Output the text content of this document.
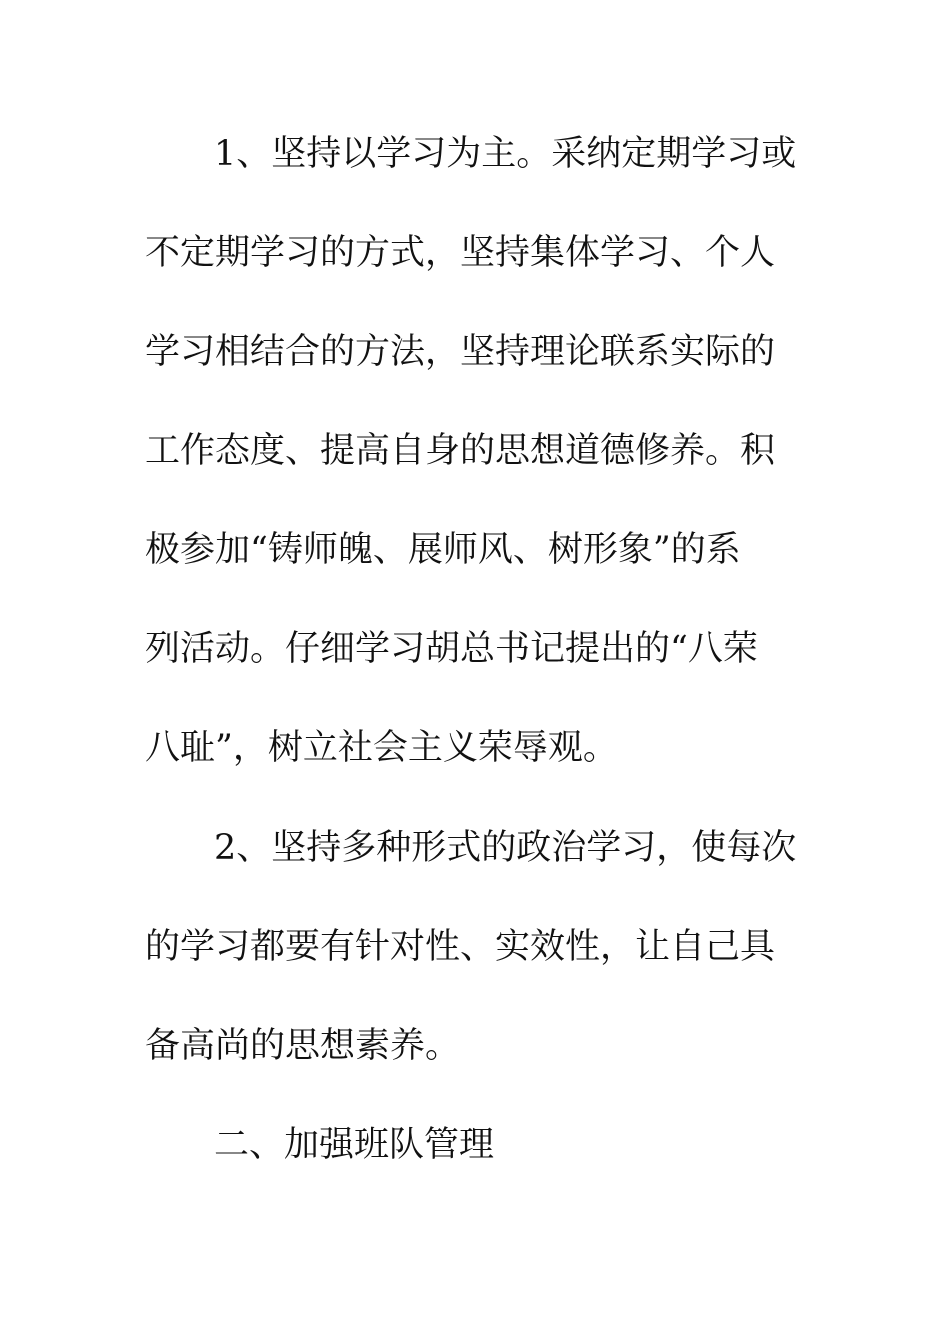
1、坚持以学习为主。采纳定期学习或

不定期学习的方式，坚持集体学习、个人

学习相结合的方法，坚持理论联系实际的

工作态度、提高自身的思想道德修养。积

极参加“铸师魄、展师风、树形象”的系

列活动。仔细学习胡总书记提出的“八荣

八耻”，树立社会主义荣辱观。

2、坚持多种形式的政治学习，使每次

的学习都要有针对性、实效性，让自己具

备高尚的思想素养。

二、加强班队管理
